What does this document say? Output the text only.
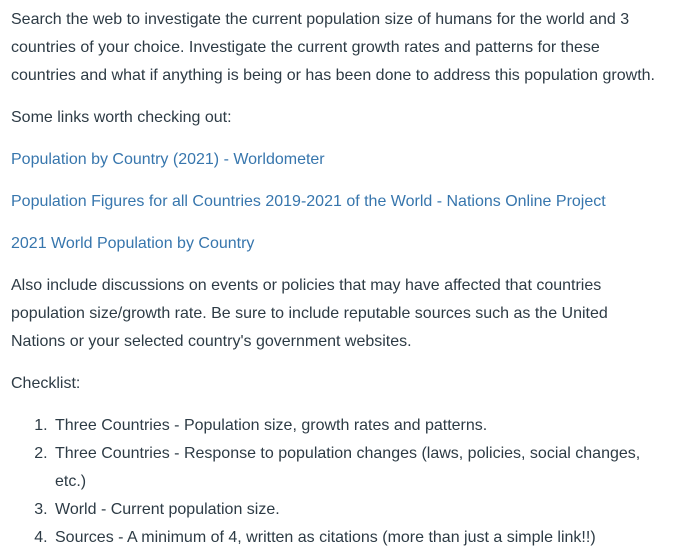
Search the web to investigate the current population size of humans for the world and 3 countries of your choice. Investigate the current growth rates and patterns for these countries and what if anything is being or has been done to address this population growth.

Some links worth checking out:

Population by Country (2021) - Worldometer

Population Figures for all Countries 2019-2021 of the World - Nations Online Project

2021 World Population by Country

Also include discussions on events or policies that may have affected that countries population size/growth rate. Be sure to include reputable sources such as the United Nations or your selected country's government websites.

Checklist:

1. Three Countries - Population size, growth rates and patterns.
2. Three Countries - Response to population changes (laws, policies, social changes, etc.)
3. World - Current population size.
4. Sources - A minimum of 4, written as citations (more than just a simple link!!)
